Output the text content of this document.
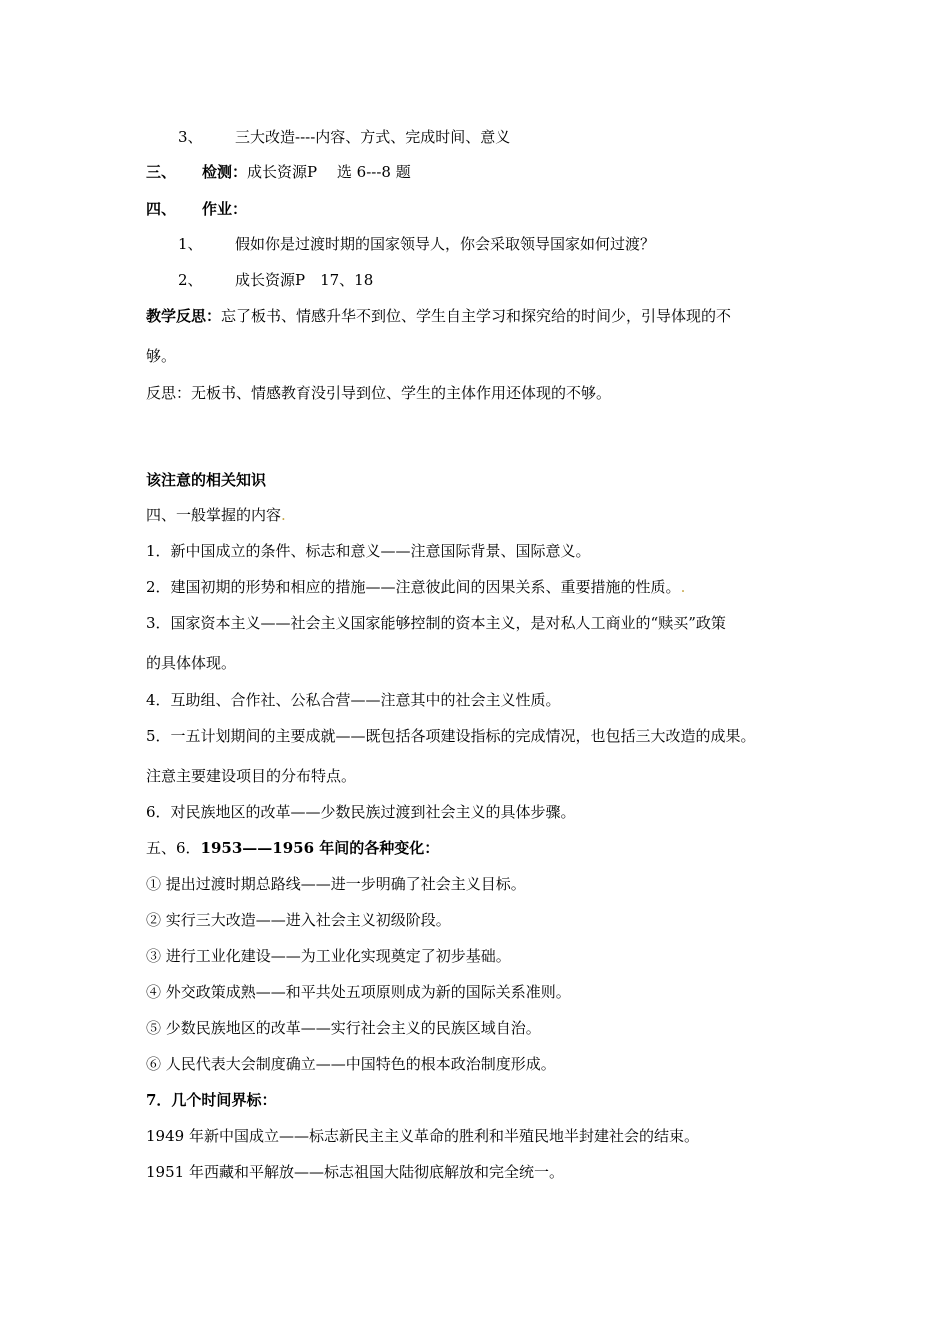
3、 三大改造----内容、方式、完成时间、意义
三、 检测：成长资源P　 选 6---8 题
四、 作业：
1、 假如你是过渡时期的国家领导人，你会采取领导国家如何过渡？
2、 成长资源P　17、18
教学反思：忘了板书、情感升华不到位、学生自主学习和探究给的时间少，引导体现的不
够。
反思：无板书、情感教育没引导到位、学生的主体作用还体现的不够。
该注意的相关知识
四、一般掌握的内容.
1．新中国成立的条件、标志和意义——注意国际背景、国际意义。
2．建国初期的形势和相应的措施——注意彼此间的因果关系、重要措施的性质。.
3．国家资本主义——社会主义国家能够控制的资本主义，是对私人工商业的“赎买”政策
的具体体现。
4．互助组、合作社、公私合营——注意其中的社会主义性质。
5．一五计划期间的主要成就——既包括各项建设指标的完成情况，也包括三大改造的成果。
注意主要建设项目的分布特点。
6．对民族地区的改革——少数民族过渡到社会主义的具体步骤。
五、6．1953——1956 年间的各种变化：
① 提出过渡时期总路线——进一步明确了社会主义目标。
② 实行三大改造——进入社会主义初级阶段。
③ 进行工业化建设——为工业化实现奠定了初步基础。
④ 外交政策成熟——和平共处五项原则成为新的国际关系准则。
⑤ 少数民族地区的改革——实行社会主义的民族区域自治。
⑥ 人民代表大会制度确立——中国特色的根本政治制度形成。
7．几个时间界标：
1949 年新中国成立——标志新民主主义革命的胜利和半殖民地半封建社会的结束。
1951 年西藏和平解放——标志祖国大陆彻底解放和完全统一。
